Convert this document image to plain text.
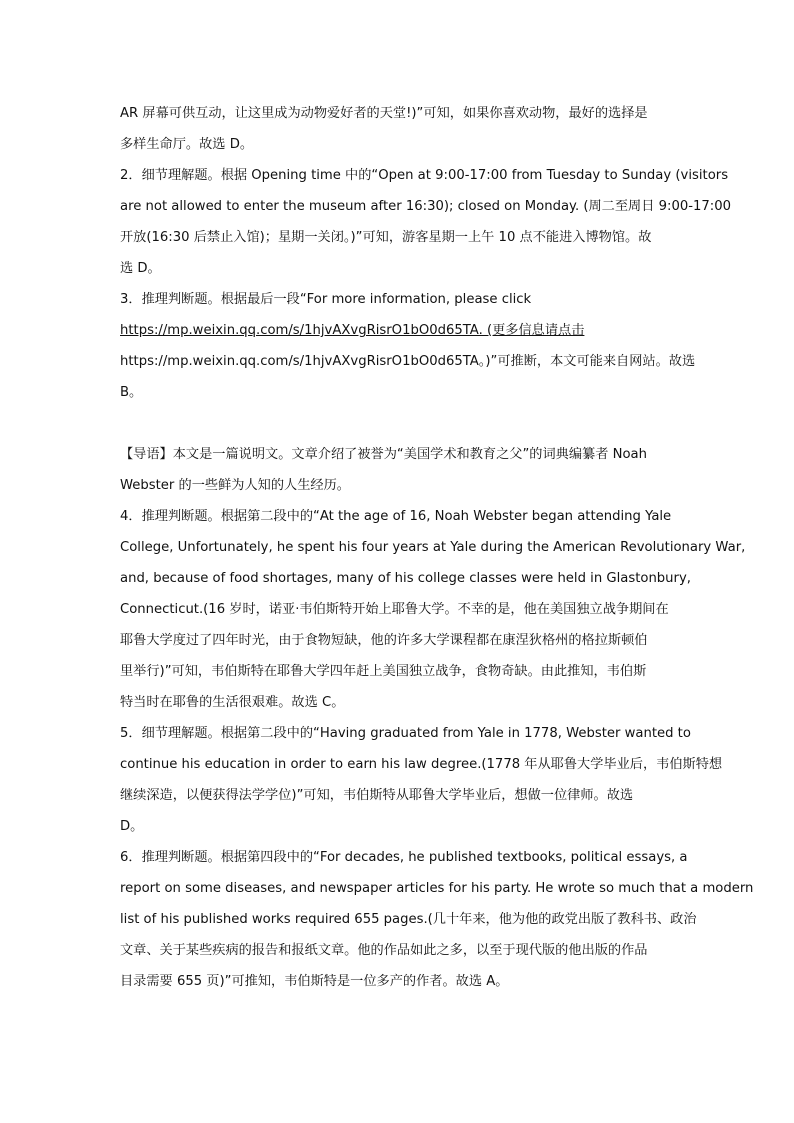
AR 屏幕可供互动，让这里成为动物爱好者的天堂!)”可知，如果你喜欢动物，最好的选择是
多样生命厅。故选 D。
2．细节理解题。根据 Opening time 中的“Open at 9:00-17:00 from Tuesday to Sunday (visitors
are not allowed to enter the museum after 16:30); closed on Monday. (周二至周日 9:00-17:00
开放(16:30 后禁止入馆)；星期一关闭。)”可知，游客星期一上午 10 点不能进入博物馆。故
选 D。
3．推理判断题。根据最后一段“For more information, please click
https://mp.weixin.qq.com/s/1hjvAXvgRisrO1bO0d65TA. (更多信息请点击
https://mp.weixin.qq.com/s/1hjvAXvgRisrO1bO0d65TA。)”可推断，本文可能来自网站。故选
B。
【导语】本文是一篇说明文。文章介绍了被誉为“美国学术和教育之父”的词典编纂者 Noah
Webster 的一些鲜为人知的人生经历。
4．推理判断题。根据第二段中的“At the age of 16, Noah Webster began attending Yale
College, Unfortunately, he spent his four years at Yale during the American Revolutionary War,
and, because of food shortages, many of his college classes were held in Glastonbury,
Connecticut.(16 岁时，诺亚·韦伯斯特开始上耶鲁大学。不幸的是，他在美国独立战争期间在
耶鲁大学度过了四年时光，由于食物短缺，他的许多大学课程都在康涅狄格州的格拉斯顿伯
里举行)”可知，韦伯斯特在耶鲁大学四年赶上美国独立战争，食物奇缺。由此推知，韦伯斯
特当时在耶鲁的生活很艰难。故选 C。
5．细节理解题。根据第二段中的“Having graduated from Yale in 1778, Webster wanted to
continue his education in order to earn his law degree.(1778 年从耶鲁大学毕业后，韦伯斯特想
继续深造，以便获得法学学位)”可知，韦伯斯特从耶鲁大学毕业后，想做一位律师。故选
D。
6．推理判断题。根据第四段中的“For decades, he published textbooks, political essays, a
report on some diseases, and newspaper articles for his party. He wrote so much that a modern
list of his published works required 655 pages.(几十年来，他为他的政党出版了教科书、政治
文章、关于某些疾病的报告和报纸文章。他的作品如此之多，以至于现代版的他出版的作品
目录需要 655 页)”可推知，韦伯斯特是一位多产的作者。故选 A。
